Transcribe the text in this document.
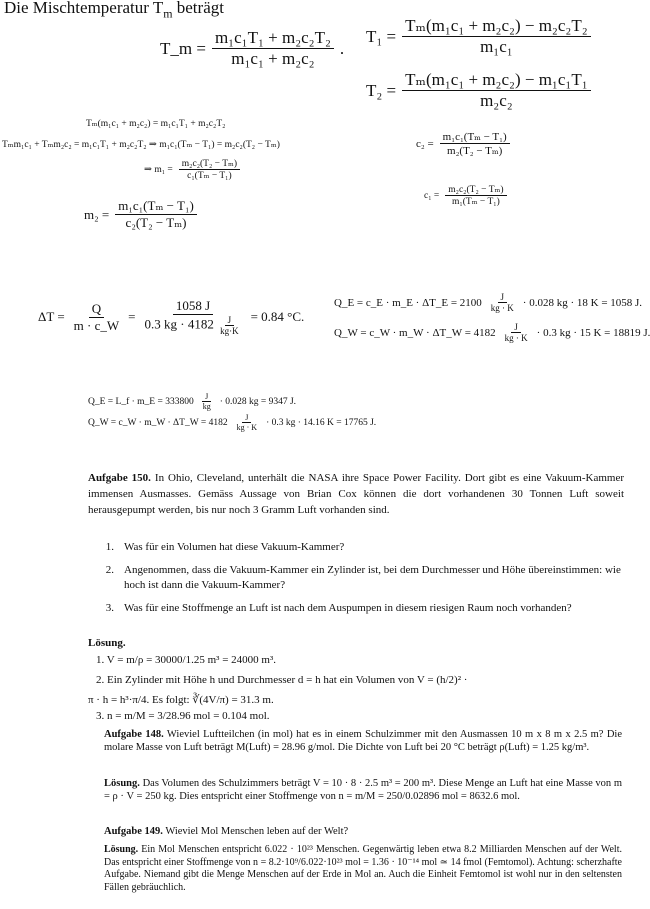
Die Mischtemperatur $T_m$ beträgt
T_m = $\frac{\text{m₁c₁T₁ + m₂c₂T₂}}{\text{m₁c₁ + m₂c₂}}$ .
$T_1 = \frac{\text{Tₘ(m₁c₁ + m₂c₂) − m₂c₂T₂}}{\text{m₁c₁}}$
$T_2 = \frac{\text{Tₘ(m₁c₁ + m₂c₂) − m₁c₁T₁}}{\text{m₂c₂}}$
Tₘ(m₁c₁ + m₂c₂) = m₁c₁T₁ + m₂c₂T₂
Tₘm₁c₁ + Tₘm₂c₂ = m₁c₁T₁ + m₂c₂T₂ ⇒ m₁c₁(Tₘ − T₁) = m₂c₂(T₂ − Tₘ)
⇒ $m_1 = \frac{\text{m₂c₂(T₂ − Tₘ)}}{\text{c₁(Tₘ − T₁)}}$
$m_2 = \frac{\text{m₁c₁(Tₘ − T₁)}}{\text{c₂(T₂ − Tₘ)}}$
$c_2 = \frac{\text{m₁c₁(Tₘ − T₁)}}{\text{m₂(T₂ − Tₘ)}}$
$c_1 = \frac{\text{m₂c₂(T₂ − Tₘ)}}{\text{m₁(Tₘ − T₁)}}$
$\Delta T = \frac{Q}{m \cdot c\_W} = \frac{1058 J}{0.3 kg \cdot 4182 \frac{J}{kg\cdot K}} = 0.84$ °C.
Q_E = c_E · m_E · ΔT_E = $2100 \frac{J}{kg \cdot K} \cdot 0.028$ kg · 18 K = 1058 J.
Q_W = c_W · m_W · ΔT_W = $4182 \frac{J}{kg \cdot K} \cdot 0.3$ kg · 15 K = 18819 J.
Q_E = L_f · m_E = $333800 \frac{J}{kg} \cdot 0.028$ kg = 9347 J.
Q_W = c_W · m_W · ΔT_W = $4182 \frac{J}{kg \cdot K} \cdot 0.3$ kg · 14.16 K = 17765 J.
Aufgabe 150. In Ohio, Cleveland, unterhält die NASA ihre Space Power Facility. Dort gibt es eine Vakuum-Kammer immensen Ausmasses. Gemäss Aussage von Brian Cox können die dort vorhandenen 30 Tonnen Luft soweit herausgepumpt werden, bis nur noch 3 Gramm Luft vorhanden sind.
1. Was für ein Volumen hat diese Vakuum-Kammer?
2. Angenommen, dass die Vakuum-Kammer ein Zylinder ist, bei dem Durchmesser und Höhe übereinstimmen: wie hoch ist dann die Vakuum-Kammer?
3. Was für eine Stoffmenge an Luft ist nach dem Auspumpen in diesem riesigen Raum noch vorhanden?
Lösung.
1. V = m/ρ = 30000/1.25 m³ = 24000 m³.
2. Ein Zylinder mit Höhe h und Durchmesser d = h hat ein Volumen von V = (h/2)² ·
π · h = h³·π/4. Es folgt: ∛(4V/π) = 31.3 m.
3. n = m/M = 3/28.96 mol = 0.104 mol.
Aufgabe 148. Wieviel Luftteilchen (in mol) hat es in einem Schulzimmer mit den Ausmassen 10 m x 8 m x 2.5 m? Die molare Masse von Luft beträgt M(Luft) = 28.96 g/mol. Die Dichte von Luft bei 20 °C beträgt ρ(Luft) = 1.25 kg/m³.
Lösung. Das Volumen des Schulzimmers beträgt V = 10 · 8 · 2.5 m³ = 200 m³. Diese Menge an Luft hat eine Masse von m = ρ · V = 250 kg. Dies entspricht einer Stoffmenge von n = m/M = 250/0.02896 mol = 8632.6 mol.
Aufgabe 149. Wieviel Mol Menschen leben auf der Welt?
Lösung. Ein Mol Menschen entspricht 6.022 · 10²³ Menschen. Gegenwärtig leben etwa 8.2 Milliarden Menschen auf der Welt. Das entspricht einer Stoffmenge von n = 8.2·10⁹/6.022·10²³ mol = 1.36 · 10⁻¹⁴ mol ≃ 14 fmol (Femtomol). Achtung: scherzhafte Aufgabe. Niemand gibt die Menge Menschen auf der Erde in Mol an. Auch die Einheit Femtomol ist wohl nur in den seltensten Fällen gebräuchlich.
